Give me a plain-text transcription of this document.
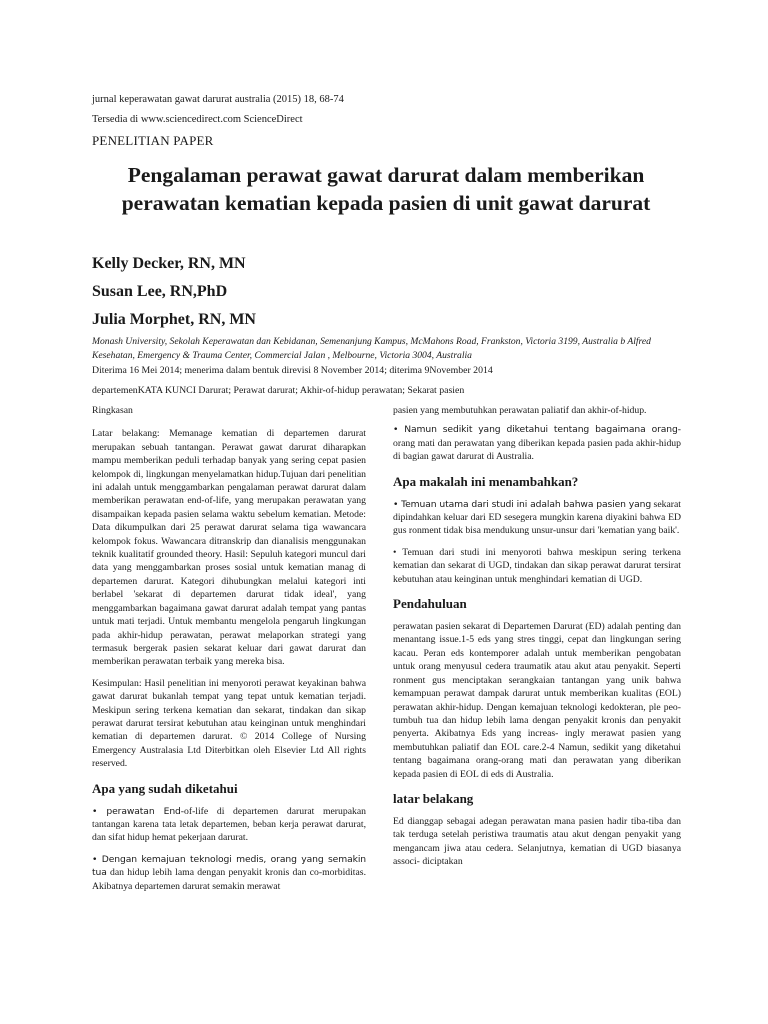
jurnal keperawatan gawat darurat australia (2015) 18, 68-74
Tersedia di www.sciencedirect.com ScienceDirect
PENELITIAN PAPER
Pengalaman perawat gawat darurat dalam memberikan perawatan kematian kepada pasien di unit gawat darurat
Kelly Decker, RN, MN
Susan Lee, RN,PhD
Julia Morphet, RN, MN
Monash University, Sekolah Keperawatan dan Kebidanan, Semenanjung Kampus, McMahons Road, Frankston, Victoria 3199, Australia b Alfred Kesehatan, Emergency & Trauma Center, Commercial Jalan , Melbourne, Victoria 3004, Australia
Diterima 16 Mei 2014; menerima dalam bentuk direvisi 8 November 2014; diterima 9November 2014
departemenKATA KUNCI Darurat; Perawat darurat; Akhir-of-hidup perawatan; Sekarat pasien

Ringkasan

Latar belakang: Memanage kematian di departemen darurat merupakan sebuah tantangan. Perawat gawat darurat diharapkan mampu memberikan peduli terhadap banyak yang sering cepat pasien kelompok di, lingkungan menyelamatkan hidup.Tujuan dari penelitian ini adalah untuk menggambarkan pengalaman perawat darurat dalam memberikan perawatan end-of-life, yang merupakan perawatan yang disampaikan kepada pasien selama waktu sebelum kematian. Metode: Data dikumpulkan dari 25 perawat darurat selama tiga wawancara kelompok fokus. Wawancara ditranskrip dan dianalisis menggunakan teknik kualitatif grounded theory. Hasil: Sepuluh kategori muncul dari data yang menggambarkan proses sosial untuk kematian manag di departemen darurat. Kategori dihubungkan melalui kategori inti berlabel 'sekarat di departemen darurat tidak ideal', yang menggambarkan bagaimana gawat darurat adalah tempat yang pantas untuk mati terjadi. Untuk membantu mengelola pengaruh lingkungan pada akhir-hidup perawatan, perawat melaporkan strategi yang termasuk bergerak pasien sekarat keluar dari gawat darurat dan memberikan perawatan terbaik yang mereka bisa.

Kesimpulan: Hasil penelitian ini menyoroti perawat keyakinan bahwa gawat darurat bukanlah tempat yang tepat untuk kematian terjadi. Meskipun sering terkena kematian dan sekarat, tindakan dan sikap perawat darurat tersirat kebutuhan atau keinginan untuk menghindari kematian di departemen darurat. © 2014 College of Nursing Emergency Australasia Ltd Diterbitkan oleh Elsevier Ltd All rights reserved.

Apa yang sudah diketahui

• perawatan End-of-life di departemen darurat merupakan tantangan karena tata letak departemen, beban kerja perawat darurat, dan sifat hidup hemat pekerjaan darurat.

• Dengan kemajuan teknologi medis, orang yang semakin tua dan hidup lebih lama dengan penyakit kronis dan co-morbiditas. Akibatnya departemen darurat semakin merawat

pasien yang membutuhkan perawatan paliatif dan akhir-of-hidup.

• Namun sedikit yang diketahui tentang bagaimana orang-orang mati dan perawatan yang diberikan kepada pasien pada akhir-hidup di bagian gawat darurat di Australia.

Apa makalah ini menambahkan?

• Temuan utama dari studi ini adalah bahwa pasien yang sekarat dipindahkan keluar dari ED sesegera mungkin karena diyakini bahwa ED gus ronment tidak bisa mendukung unsur-unsur dari 'kematian yang baik'.

• Temuan dari studi ini menyoroti bahwa meskipun sering terkena kematian dan sekarat di UGD, tindakan dan sikap perawat darurat tersirat kebutuhan atau keinginan untuk menghindari kematian di UGD.

Pendahuluan

perawatan pasien sekarat di Departemen Darurat (ED) adalah penting dan menantang issue.1-5 eds yang stres tinggi, cepat dan lingkungan sering kacau. Peran eds kontemporer adalah untuk memberikan pengobatan untuk orang menyusul cedera traumatik atau akut atau penyakit. Seperti ronment gus menciptakan serangkaian tantangan yang unik bahwa kemampuan perawat dampak darurat untuk memberikan kualitas (EOL) perawatan akhir-hidup. Dengan kemajuan teknologi kedokteran, ple peo- tumbuh tua dan hidup lebih lama dengan penyakit kronis dan penyakit penyerta. Akibatnya Eds yang increas- ingly merawat pasien yang membutuhkan paliatif dan EOL care.2-4 Namun, sedikit yang diketahui tentang bagaimana orang-orang mati dan perawatan yang diberikan kepada pasien di EOL di eds di Australia.

latar belakang

Ed dianggap sebagai adegan perawatan mana pasien hadir tiba-tiba dan tak terduga setelah peristiwa traumatis atau akut dengan penyakit yang mengancam jiwa atau cedera. Selanjutnya, kematian di UGD biasanya associ- diciptakan
